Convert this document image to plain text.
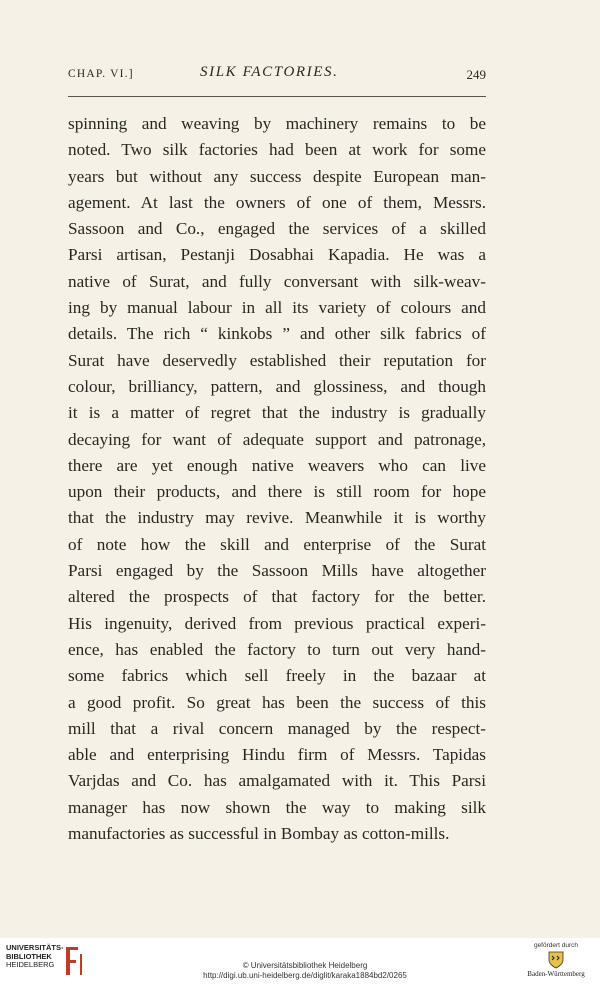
CHAP. VI.]	SILK FACTORIES.	249
spinning and weaving by machinery remains to be
noted. Two silk factories had been at work for some
years but without any success despite European man-
agement. At last the owners of one of them, Messrs.
Sassoon and Co., engaged the services of a skilled
Parsi artisan, Pestanji Dosabhai Kapadia. He was a
native of Surat, and fully conversant with silk-weav-
ing by manual labour in all its variety of colours and
details. The rich “ kinkobs ” and other silk fabrics of
Surat have deservedly established their reputation for
colour, brilliancy, pattern, and glossiness, and though
it is a matter of regret that the industry is gradually
decaying for want of adequate support and patronage,
there are yet enough native weavers who can live
upon their products, and there is still room for hope
that the industry may revive. Meanwhile it is worthy
of note how the skill and enterprise of the Surat
Parsi engaged by the Sassoon Mills have altogether
altered the prospects of that factory for the better.
His ingenuity, derived from previous practical experi-
ence, has enabled the factory to turn out very hand-
some fabrics which sell freely in the bazaar at
a good profit. So great has been the success of this
mill that a rival concern managed by the respect-
able and enterprising Hindu firm of Messrs. Tapidas
Varjdas and Co. has amalgamated with it. This Parsi
manager has now shown the way to making silk
manufactories as successful in Bombay as cotton-mills.
UNIVERSITÄTS-
BIBLIOTHEK
HEIDELBERG	© Universitätsbibliothek Heidelberg
http://digi.ub.uni-heidelberg.de/diglit/karaka1884bd2/0265
gefördert durch
Baden-Württemberg
